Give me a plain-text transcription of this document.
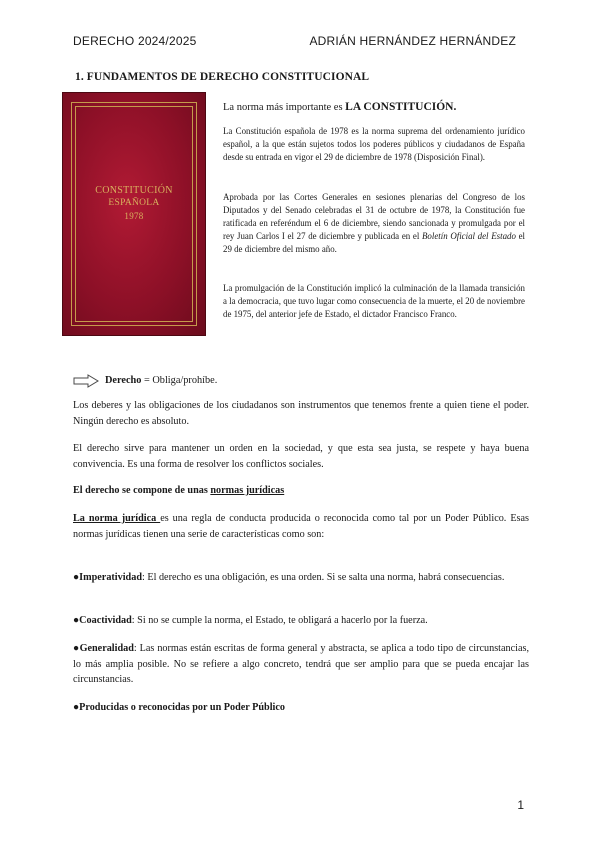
DERECHO 2024/2025	ADRIÁN HERNÁNDEZ HERNÁNDEZ
1. FUNDAMENTOS DE DERECHO CONSTITUCIONAL
CONSTITUCIÓN
ESPAÑOLA
1978
La norma más importante es LA CONSTITUCIÓN.
La Constitución española de 1978 es la norma suprema del ordenamiento jurídico español, a la que están sujetos todos los poderes públicos y ciudadanos de España desde su entrada en vigor el 29 de diciembre de 1978 (Disposición Final).
Aprobada por las Cortes Generales en sesiones plenarias del Congreso de los Diputados y del Senado celebradas el 31 de octubre de 1978, la Constitución fue ratificada en referéndum el 6 de diciembre, siendo sancionada y promulgada por el rey Juan Carlos I el 27 de diciembre y publicada en el Boletín Oficial del Estado el 29 de diciembre del mismo año.
La promulgación de la Constitución implicó la culminación de la llamada transición a la democracia, que tuvo lugar como consecuencia de la muerte, el 20 de noviembre de 1975, del anterior jefe de Estado, el dictador Francisco Franco.
Derecho = Obliga/prohíbe.
Los deberes y las obligaciones de los ciudadanos son instrumentos que tenemos frente a quien tiene el poder. Ningún derecho es absoluto.
El derecho sirve para mantener un orden en la sociedad, y que esta sea justa, se respete y haya buena convivencia. Es una forma de resolver los conflictos sociales.
El derecho se compone de unas normas jurídicas
La norma jurídica es una regla de conducta producida o reconocida como tal por un Poder Público. Esas normas jurídicas tienen una serie de características como son:
●Imperatividad: El derecho es una obligación, es una orden. Si se salta una norma, habrá consecuencias.
●Coactividad: Si no se cumple la norma, el Estado, te obligará a hacerlo por la fuerza.
●Generalidad: Las normas están escritas de forma general y abstracta, se aplica a todo tipo de circunstancias, lo más amplia posible. No se refiere a algo concreto, tendrá que ser amplio para que se pueda encajar las circunstancias.
●Producidas o reconocidas por un Poder Público
1
